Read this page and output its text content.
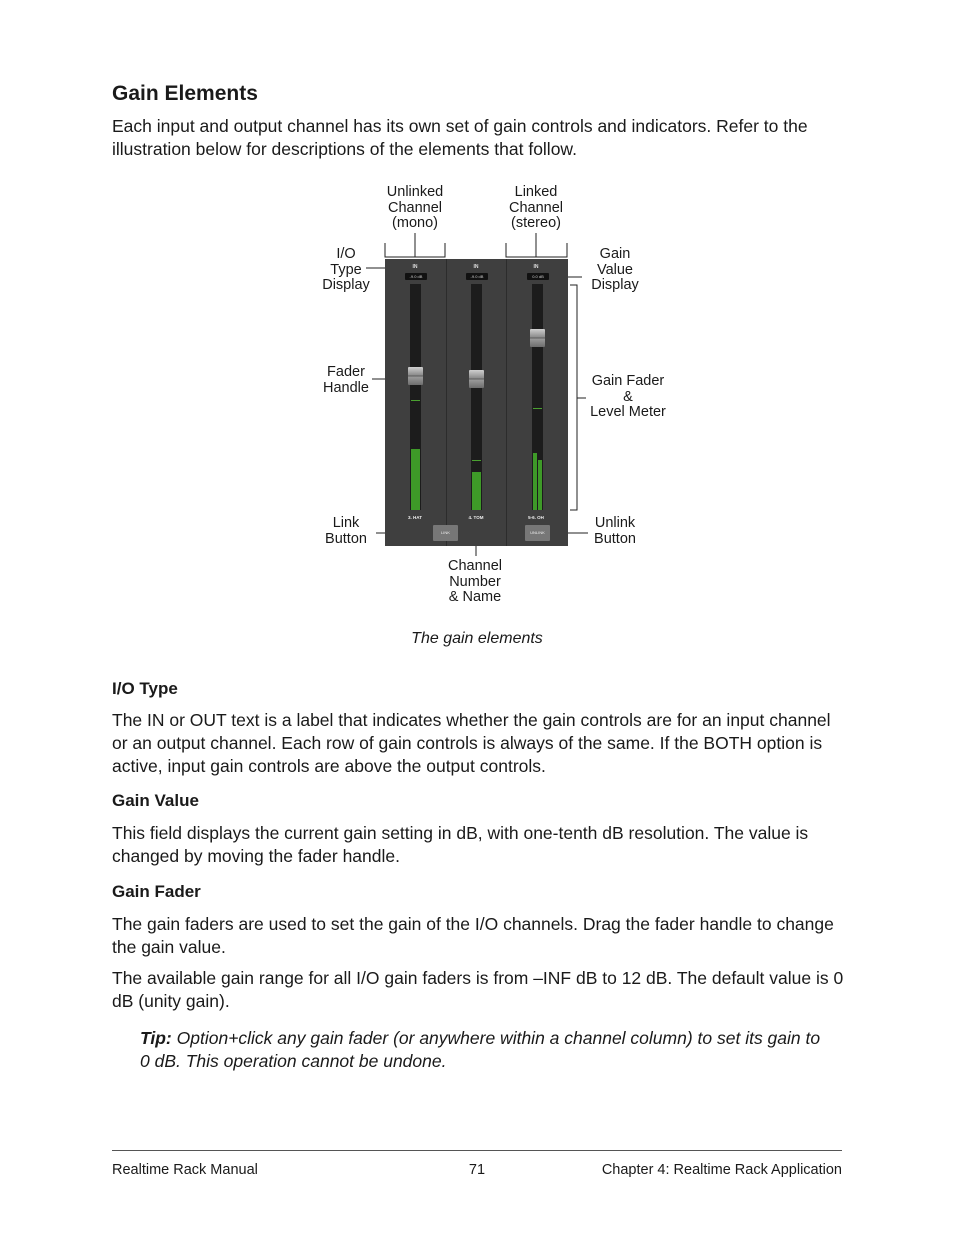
Gain Elements
Each input and output channel has its own set of gain controls and indicators. Refer to the illustration below for descriptions of the elements that follow.
Unlinked
Channel
(mono)
Linked
Channel
(stereo)
I/O
Type
Display
Gain
Value
Display
Fader
Handle	Gain Fader
&
Level Meter
Link
Button
Unlink
Button
Channel
Number
& Name
IN
-9.0 dB
3. HAT
LINK
IN
-9.0 dB
4. TOM
IN
0.0 dB
5-6. OH
UNLINK
The gain elements
I/O Type
The IN or OUT text is a label that indicates whether the gain controls are for an input channel or an output channel. Each row of gain controls is always of the same. If the BOTH option is active, input gain controls are above the output controls.
Gain Value
This field displays the current gain setting in dB, with one-tenth dB resolution. The value is changed by moving the fader handle.
Gain Fader
The gain faders are used to set the gain of the I/O channels. Drag the fader handle to change the gain value.
The available gain range for all I/O gain faders is from –INF dB to 12 dB. The default value is 0 dB (unity gain).
Tip: Option+click any gain fader (or anywhere within a channel column) to set its gain to 0 dB. This operation cannot be undone.
Realtime Rack Manual	71	Chapter 4: Realtime Rack Application
